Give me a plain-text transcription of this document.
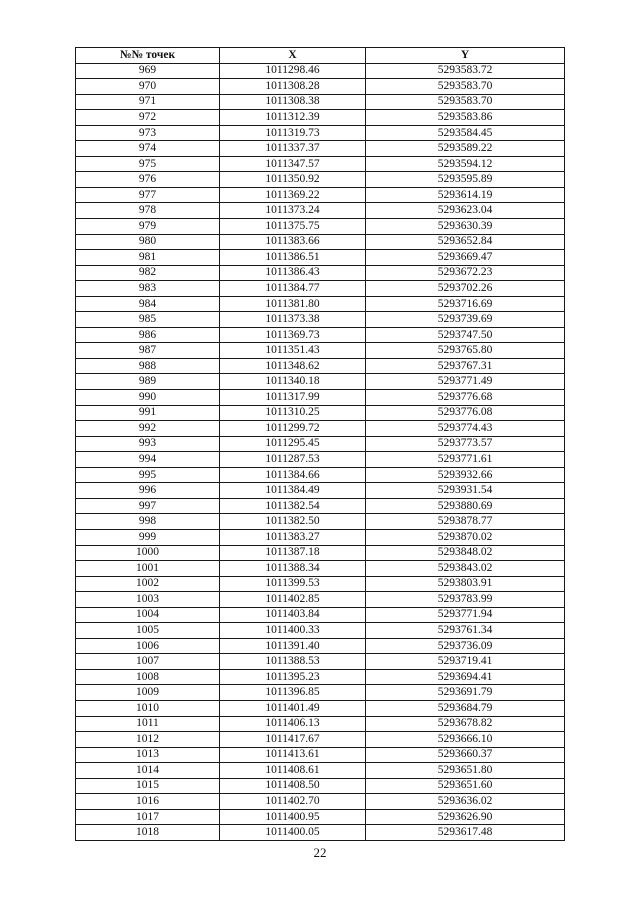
№№ точек	X	Y
969	1011298.46	5293583.72
970	1011308.28	5293583.70
971	1011308.38	5293583.70
972	1011312.39	5293583.86
973	1011319.73	5293584.45
974	1011337.37	5293589.22
975	1011347.57	5293594.12
976	1011350.92	5293595.89
977	1011369.22	5293614.19
978	1011373.24	5293623.04
979	1011375.75	5293630.39
980	1011383.66	5293652.84
981	1011386.51	5293669.47
982	1011386.43	5293672.23
983	1011384.77	5293702.26
984	1011381.80	5293716.69
985	1011373.38	5293739.69
986	1011369.73	5293747.50
987	1011351.43	5293765.80
988	1011348.62	5293767.31
989	1011340.18	5293771.49
990	1011317.99	5293776.68
991	1011310.25	5293776.08
992	1011299.72	5293774.43
993	1011295.45	5293773.57
994	1011287.53	5293771.61
995	1011384.66	5293932.66
996	1011384.49	5293931.54
997	1011382.54	5293880.69
998	1011382.50	5293878.77
999	1011383.27	5293870.02
1000	1011387.18	5293848.02
1001	1011388.34	5293843.02
1002	1011399.53	5293803.91
1003	1011402.85	5293783.99
1004	1011403.84	5293771.94
1005	1011400.33	5293761.34
1006	1011391.40	5293736.09
1007	1011388.53	5293719.41
1008	1011395.23	5293694.41
1009	1011396.85	5293691.79
1010	1011401.49	5293684.79
1011	1011406.13	5293678.82
1012	1011417.67	5293666.10
1013	1011413.61	5293660.37
1014	1011408.61	5293651.80
1015	1011408.50	5293651.60
1016	1011402.70	5293636.02
1017	1011400.95	5293626.90
1018	1011400.05	5293617.48
22
